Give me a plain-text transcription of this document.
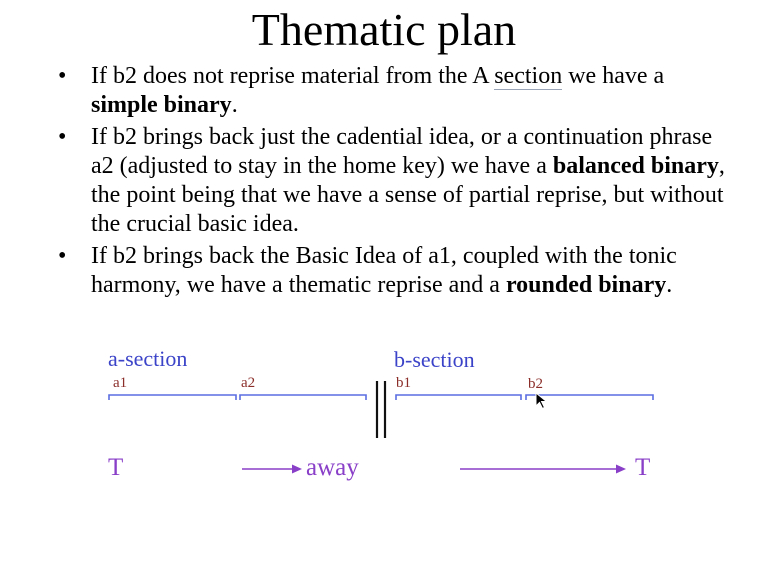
Thematic plan
• If b2 does not reprise material from the A section we have a simple binary.
• If b2 brings back just the cadential idea, or a continuation phrase a2 (adjusted to stay in the home key) we have a balanced binary, the point being that we have a sense of partial reprise, but without the crucial basic idea.
• If b2 brings back the Basic Idea of a1, coupled with the tonic harmony, we have a thematic reprise and a rounded binary.
a-section	b-section
a1	a2	b1	b2
T	away	T
